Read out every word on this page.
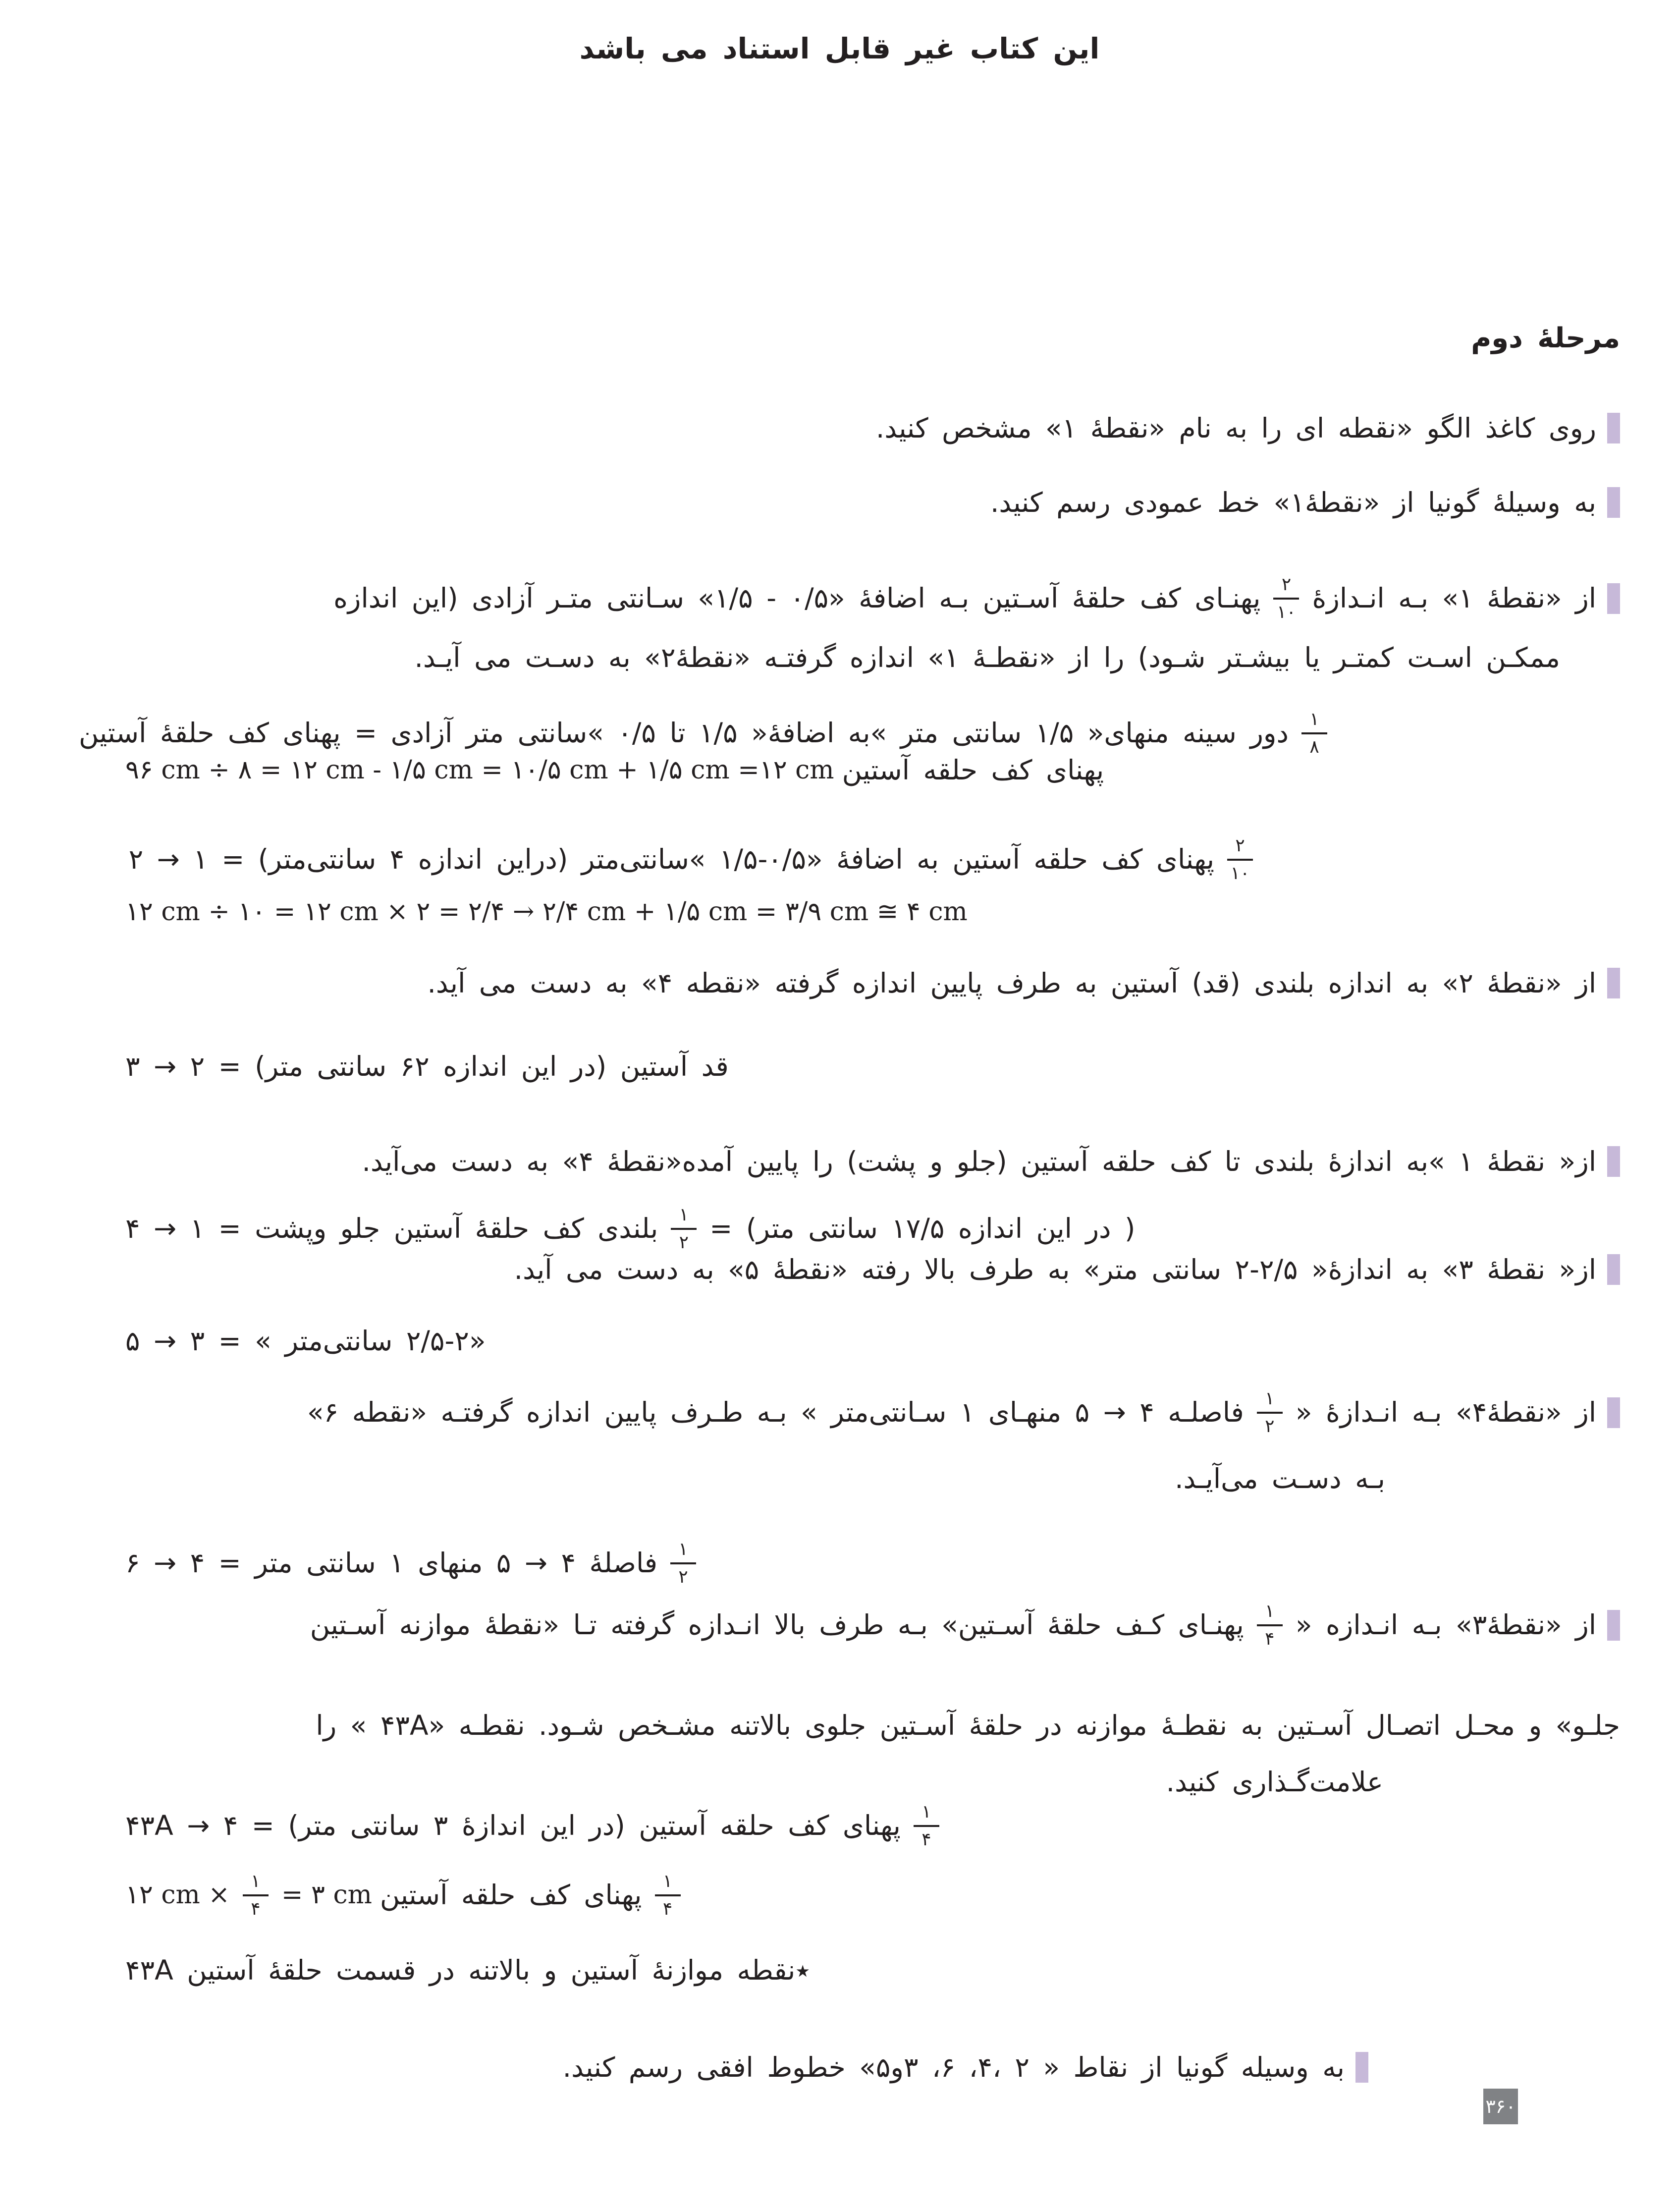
۳۶۰
این کتاب غیر قابل استناد می باشد
مرحلهٔ دوم
روی کاغذ الگو «نقطه ای را به نام «نقطهٔ ۱» مشخص کنید.
به وسیلهٔ گونیا از «نقطهٔ۱» خط عمودی رسم کنید.
از «نقطهٔ ۱» بـه انـدازهٔ
$\frac{۲}{۱۰}$
پهنـای کف حلقهٔ آسـتین بـه اضافهٔ «۰/۵ - ۱/۵» سـانتی متـر آزادی (این اندازه
ممکـن اسـت کمتـر یا بیشـتر شـود) را از «نقطـهٔ ۱» اندازه گرفتـه «نقطهٔ۲» به دسـت می آیـد.
$\frac{۱}{۸}$
دور سینه منهای« ۱/۵ سانتی متر »به اضافهٔ« ۱/۵ تا ۰/۵ »سانتی متر آزادی = پهنای کف حلقهٔ آستین
پهنای کف حلقه آستین
۹۶ cm ÷ ۸ = ۱۲ cm - ۱/۵ cm = ۱۰/۵ cm + ۱/۵ cm =۱۲ cm
$\frac{۲}{۱۰}$
پهنای کف حلقه آستین به اضافهٔ «۰/۵-۱/۵ »سانتی‌متر (دراین اندازه ۴ سانتی‌متر) = ۱ → ۲
۱۲ cm ÷ ۱۰ = ۱۲ cm × ۲ = ۲/۴ → ۲/۴ cm + ۱/۵ cm = ۳/۹ cm ≅ ۴ cm
از «نقطهٔ ۲» به اندازه بلندی (قد) آستین به طرف پایین اندازه گرفته «نقطه ۴» به دست می آید.
قد آستین (در این اندازه ۶۲ سانتی متر) = ۲ → ۳
از« نقطهٔ ۱ »به اندازهٔ بلندی تا کف حلقه آستین (جلو و پشت) را پایین آمده«نقطهٔ ۴» به دست می‌آید.
( در این اندازه ۱۷/۵ سانتی متر) =
$\frac{۱}{۲}$
بلندی کف حلقهٔ آستین جلو وپشت = ۱ → ۴
از« نقطهٔ ۳» به اندازهٔ« ۲/۵-۲ سانتی متر» به طرف بالا رفته «نقطهٔ ۵» به دست می آید.
«۲/۵-۲ سانتی‌متر » = ۳ → ۵
از «نقطهٔ۴» بـه انـدازهٔ «
$\frac{۱}{۲}$
فاصلـه ۴ → ۵ منهـای ۱ سـانتی‌متر » بـه طـرف پایین اندازه گرفتـه «نقطه ۶»
بـه دسـت می‌آیـد.
$\frac{۱}{۲}$
فاصلهٔ ۴ → ۵ منهای ۱ سانتی متر = ۴ → ۶
از «نقطهٔ۳» بـه انـدازه «
$\frac{۱}{۴}$
پهنـای کـف حلقهٔ آسـتین» بـه طرف بالا انـدازه گرفته تـا «نقطهٔ موازنه آسـتین
جلـو» و محـل اتصـال آسـتین به نقطـهٔ موازنه در حلقهٔ آسـتین جلوی بالاتنه مشـخص شـود. نقطـه «۴۳A » را
علامت‌گـذاری کنید.
$\frac{۱}{۴}$
پهنای کف حلقه آستین (در این اندازهٔ ۳ سانتی متر) = ۴ → ۴۳A
$\frac{۱}{۴}$
پهنای کف حلقه آستین
= ۳ cm
$\frac{۱}{۴}$
۱۲ cm ×
٭نقطه موازنهٔ آستین و بالاتنه در قسمت حلقهٔ آستین ۴۳A
به وسیله گونیا از نقاط « ۲ ،۴، ۶، ۳و۵» خطوط افقی رسم کنید.
